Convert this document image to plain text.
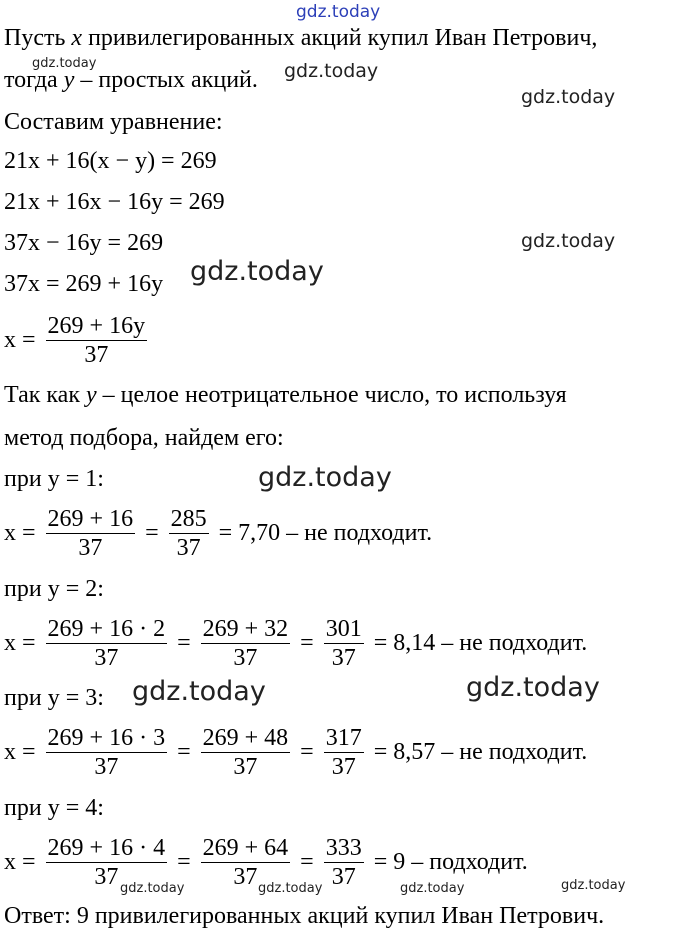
gdz.today
gdz.today	gdz.today
gdz.today
gdz.today
gdz.today
gdz.today
gdz.today	gdz.today
gdz.today	gdz.today	gdz.today	gdz.today
Пусть x привилегированных акций купил Иван Петрович,
тогда y – простых акций.
Составим уравнение:
21x + 16(x − y) = 269
21x + 16x − 16y = 269
37x − 16y = 269
37x = 269 + 16y
$x = \frac{269 + 16y}{37}$
Так как y – целое неотрицательное число, то используя
метод подбора, найдем его:
при y = 1:
$x = \frac{269 + 16}{37} = \frac{285}{37} = 7,70$ – не подходит.
при y = 2:
$x = \frac{269 + 16 \cdot 2}{37} = \frac{269 + 32}{37} = \frac{301}{37} = 8,14$ – не подходит.
при y = 3:
$x = \frac{269 + 16 \cdot 3}{37} = \frac{269 + 48}{37} = \frac{317}{37} = 8,57$ – не подходит.
при y = 4:
$x = \frac{269 + 16 \cdot 4}{37} = \frac{269 + 64}{37} = \frac{333}{37} = 9$ – подходит.
Ответ: 9 привилегированных акций купил Иван Петрович.
